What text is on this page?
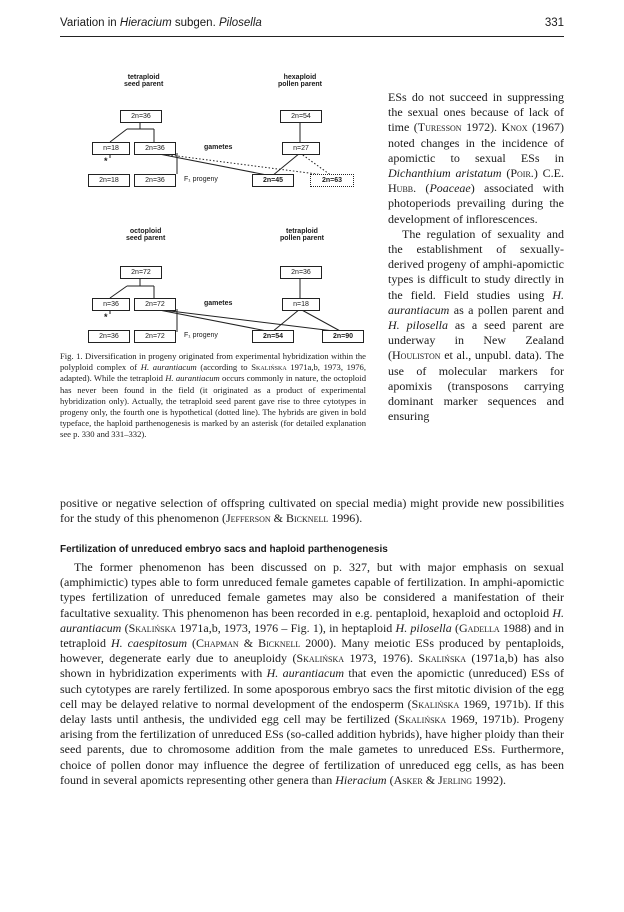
Variation in Hieracium subgen. Pilosella	331
tetraploid
seed parent
hexaploid
pollen parent
2n=36	2n=54
n=18	2n=36	gametes	n=27
*
2n=18	2n=36	F₁ progeny	2n=45	2n=63
octoploid
seed parent
tetraploid
pollen parent
2n=72	2n=36
n=36	2n=72	gametes	n=18
*
2n=36	2n=72	F₁ progeny	2n=54	2n=90
Fig. 1. Diversification in progeny originated from experimental hybridization within the polyploid complex of H. aurantiacum (according to Skalińska 1971a,b, 1973, 1976, adapted). While the tetraploid H. aurantiacum occurs commonly in nature, the octoploid has never been found in the field (it originated as a product of experimental hybridization only). Actually, the tetraploid seed parent gave rise to three cytotypes in progeny only, the fourth one is hypothetical (dotted line). The hybrids are given in bold typeface, the haploid parthenogenesis is marked by an asterisk (for detailed explanation see p. 330 and 331–332).

ESs do not succeed in suppressing the sexual ones because of lack of time (Turesson 1972). Knox (1967) noted changes in the incidence of apomictic to sexual ESs in Dichanthium aristatum (Poir.) C.E. Hubb. (Poaceae) associated with photoperiods prevailing during the development of inflorescences.

The regulation of sexuality and the establishment of sexually-derived progeny of amphi-apomictic types is difficult to study directly in the field. Field studies using H. aurantiacum as a pollen parent and H. pilosella as a seed parent are underway in New Zealand (Houliston et al., unpubl. data). The use of molecular markers for apomixis (transposons carrying dominant marker sequences and ensuring

positive or negative selection of offspring cultivated on special media) might provide new possibilities for the study of this phenomenon (Jefferson & Bicknell 1996).

Fertilization of unreduced embryo sacs and haploid parthenogenesis

The former phenomenon has been discussed on p. 327, but with major emphasis on sexual (amphimictic) types able to form unreduced female gametes capable of fertilization. In amphi-apomictic types fertilization of unreduced female gametes may also be considered a manifestation of their facultative sexuality. This phenomenon has been recorded in e.g. pentaploid, hexaploid and octoploid H. aurantiacum (Skalińska 1971a,b, 1973, 1976 – Fig. 1), in heptaploid H. pilosella (Gadella 1988) and in tetraploid H. caespitosum (Chapman & Bicknell 2000). Many meiotic ESs produced by pentaploids, however, degenerate early due to aneuploidy (Skalińska 1973, 1976). Skalińska (1971a,b) has also shown in hybridization experiments with H. aurantiacum that even the apomictic (unreduced) ESs of such cytotypes are rarely fertilized. In some aposporous embryo sacs the first mitotic division of the egg cell may be delayed relative to normal development of the endosperm (Skalińska 1969, 1971b). If this delay lasts until anthesis, the undivided egg cell may be fertilized (Skalińska 1969, 1971b). Progeny arising from the fertilization of unreduced ESs (so-called addition hybrids), have higher ploidy than their seed parents, due to chromosome addition from the male gametes to unreduced ESs. Furthermore, choice of pollen donor may influence the degree of fertilization of unreduced egg cells, as has been found in several apomicts representing other genera than Hieracium (Asker & Jerling 1992).
